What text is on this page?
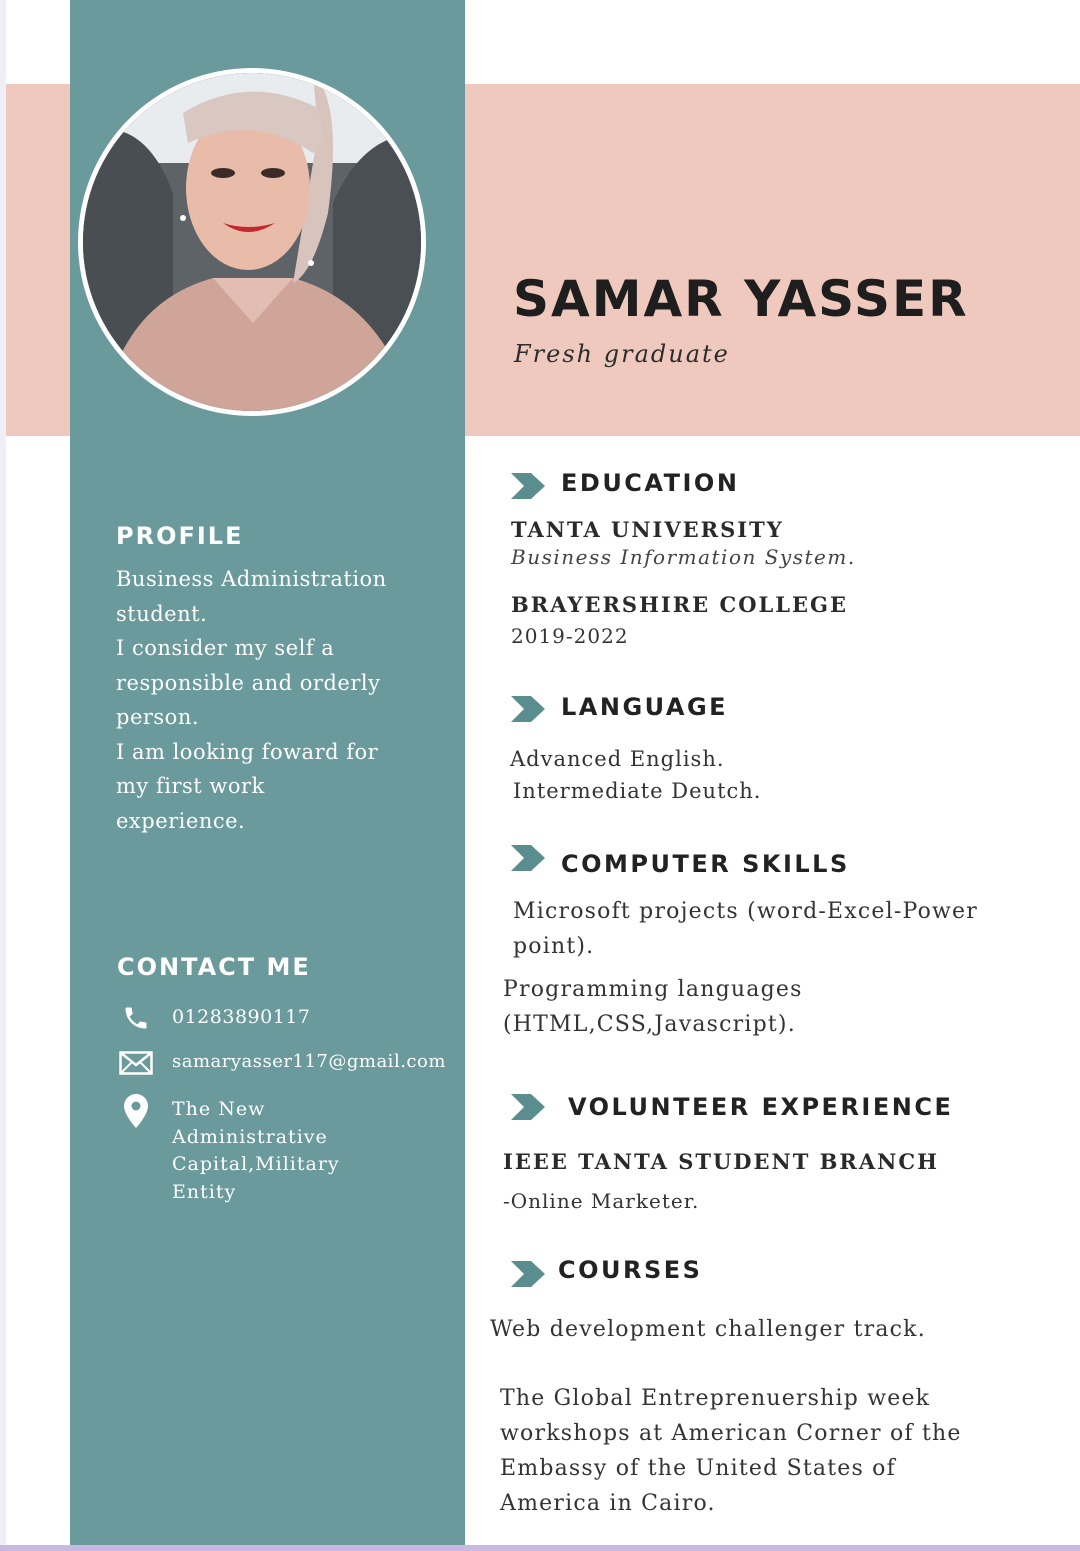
SAMAR YASSER
Fresh graduate
PROFILE
Business Administration
student.
I consider my self a
responsible and orderly
person.
I am looking foward for
my first work
experience.
CONTACT ME
01283890117
samaryasser117@gmail.com
The New
Administrative
Capital,Military
Entity
EDUCATION
TANTA UNIVERSITY
Business Information System.
BRAYERSHIRE COLLEGE
2019-2022
LANGUAGE
Advanced English.
Intermediate Deutch.
COMPUTER SKILLS
Microsoft projects (word-Excel-Power
point).
Programming languages
(HTML,CSS,Javascript).
VOLUNTEER EXPERIENCE
IEEE TANTA STUDENT BRANCH
-Online Marketer.
COURSES
Web development challenger track.
The Global Entreprenuership week
workshops at American Corner of the
Embassy of the United States of
America in Cairo.
